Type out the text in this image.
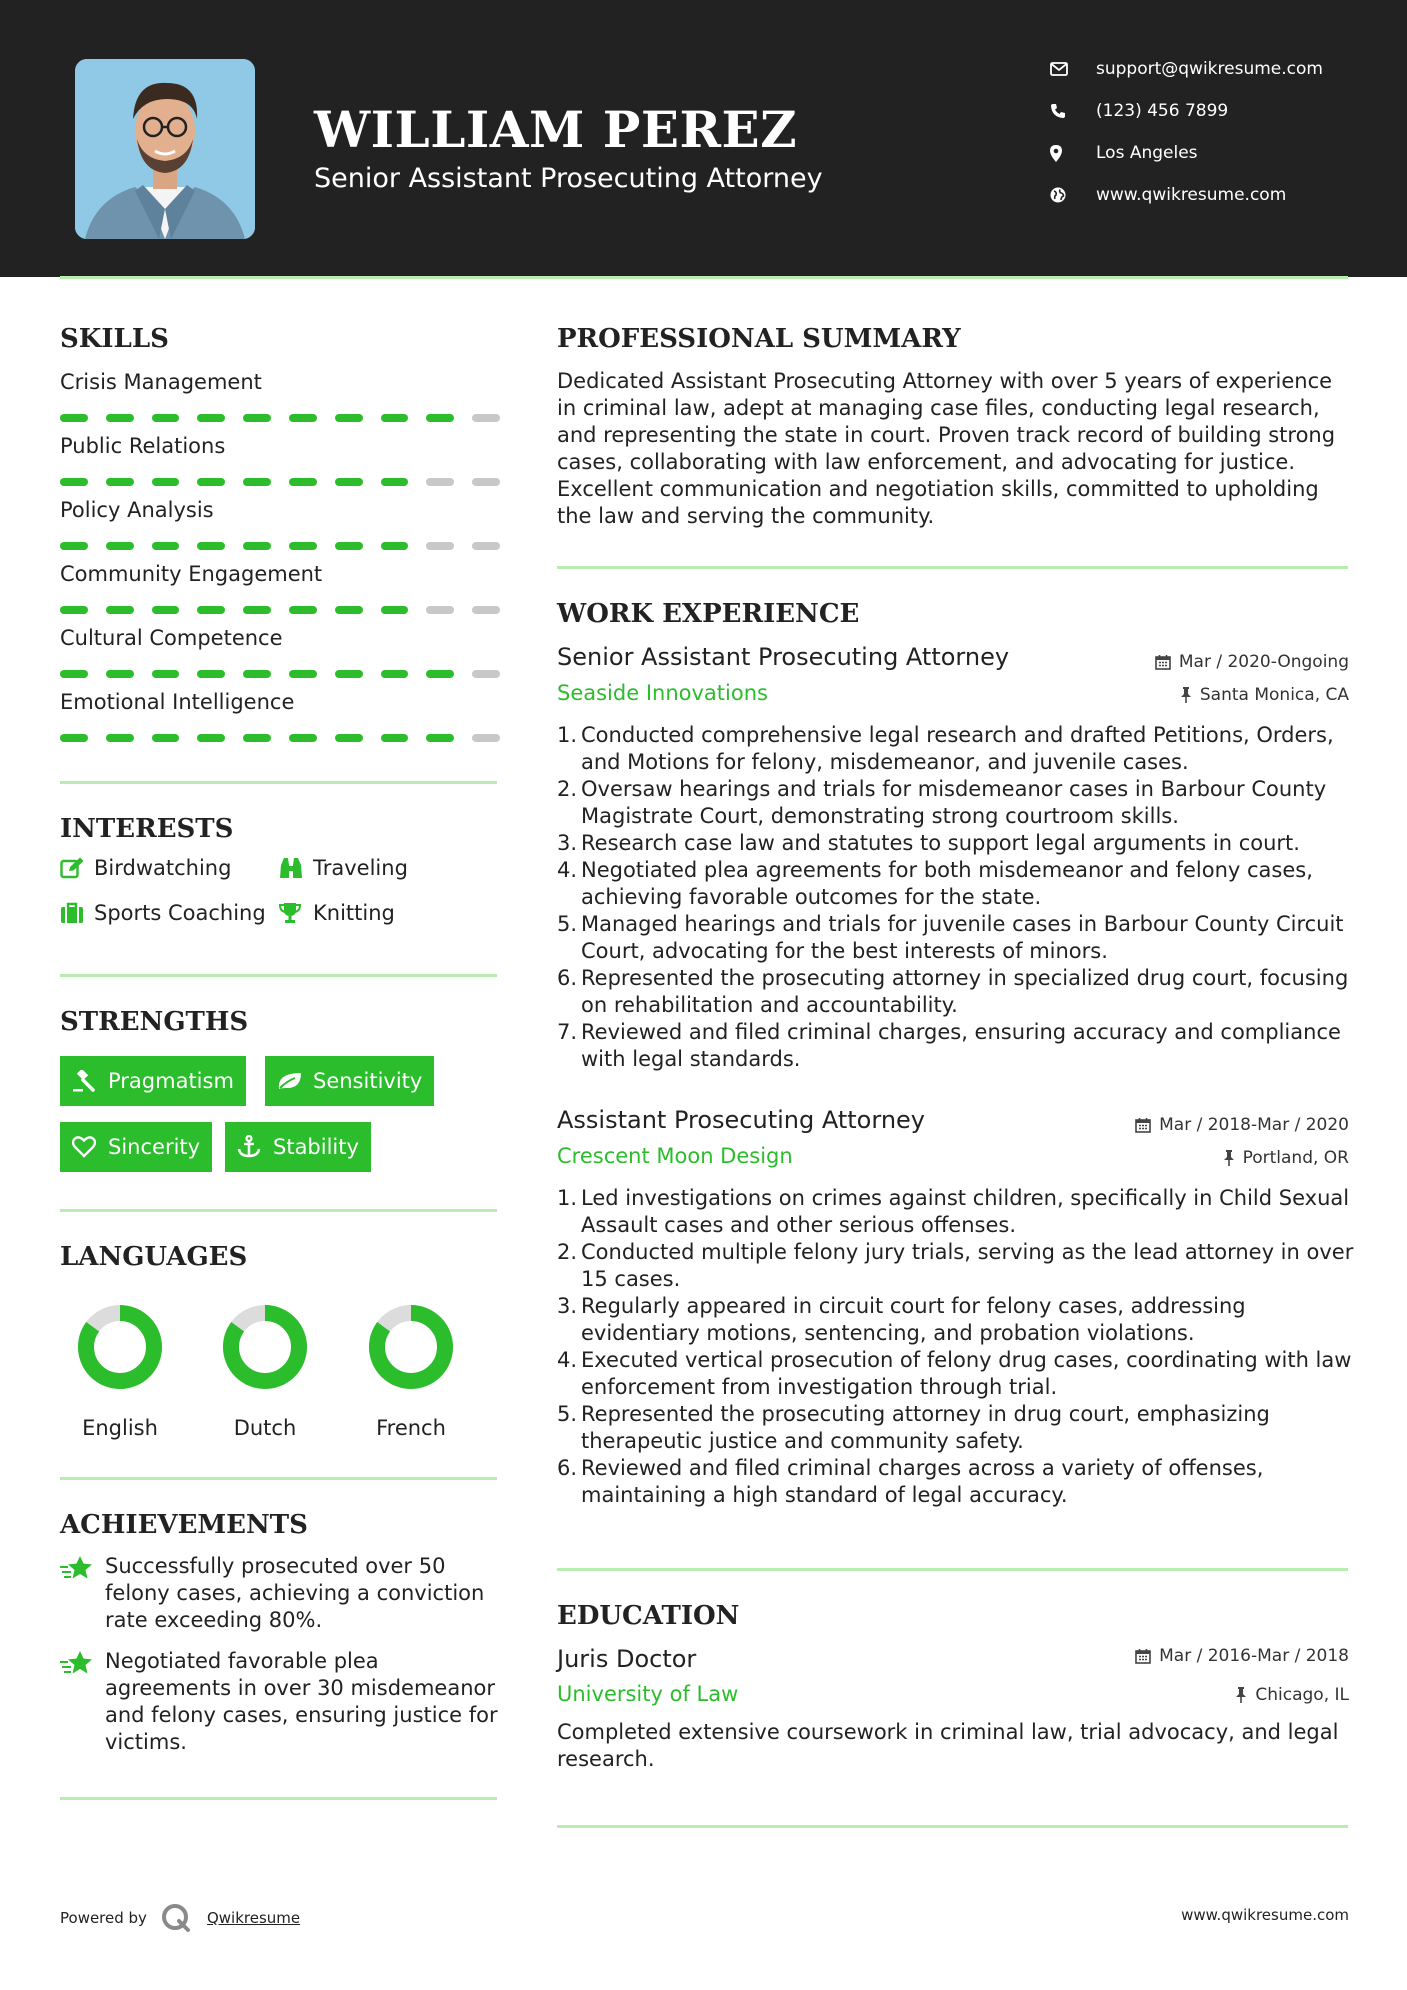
WILLIAM PEREZ
Senior Assistant Prosecuting Attorney
support@qwikresume.com
(123) 456 7899
Los Angeles
www.qwikresume.com
SKILLS
Crisis Management
Public Relations
Policy Analysis
Community Engagement
Cultural Competence
Emotional Intelligence
INTERESTS
Birdwatching	Traveling
Sports Coaching Knitting
STRENGTHS
Pragmatism	Sensitivity
Sincerity	Stability
LANGUAGES
English	Dutch	French
ACHIEVEMENTS
Successfully prosecuted over 50 felony cases, achieving a conviction rate exceeding 80%.
Negotiated favorable plea agreements in over 30 misdemeanor and felony cases, ensuring justice for victims.
PROFESSIONAL SUMMARY
Dedicated Assistant Prosecuting Attorney with over 5 years of experience in criminal law, adept at managing case files, conducting legal research, and representing the state in court. Proven track record of building strong cases, collaborating with law enforcement, and advocating for justice. Excellent communication and negotiation skills, committed to upholding the law and serving the community.
WORK EXPERIENCE
Senior Assistant Prosecuting Attorney	Mar / 2020-Ongoing
Seaside Innovations	Santa Monica, CA
1. Conducted comprehensive legal research and drafted Petitions, Orders, and Motions for felony, misdemeanor, and juvenile cases.
2. Oversaw hearings and trials for misdemeanor cases in Barbour County Magistrate Court, demonstrating strong courtroom skills.
3. Research case law and statutes to support legal arguments in court.
4. Negotiated plea agreements for both misdemeanor and felony cases, achieving favorable outcomes for the state.
5. Managed hearings and trials for juvenile cases in Barbour County Circuit Court, advocating for the best interests of minors.
6. Represented the prosecuting attorney in specialized drug court, focusing on rehabilitation and accountability.
7. Reviewed and filed criminal charges, ensuring accuracy and compliance with legal standards.
Assistant Prosecuting Attorney	Mar / 2018-Mar / 2020
Crescent Moon Design	Portland, OR
1. Led investigations on crimes against children, specifically in Child Sexual Assault cases and other serious offenses.
2. Conducted multiple felony jury trials, serving as the lead attorney in over 15 cases.
3. Regularly appeared in circuit court for felony cases, addressing evidentiary motions, sentencing, and probation violations.
4. Executed vertical prosecution of felony drug cases, coordinating with law enforcement from investigation through trial.
5. Represented the prosecuting attorney in drug court, emphasizing therapeutic justice and community safety.
6. Reviewed and filed criminal charges across a variety of offenses, maintaining a high standard of legal accuracy.
EDUCATION
Juris Doctor	Mar / 2016-Mar / 2018
University of Law	Chicago, IL
Completed extensive coursework in criminal law, trial advocacy, and legal research.
Powered by	Qwikresume	www.qwikresume.com
